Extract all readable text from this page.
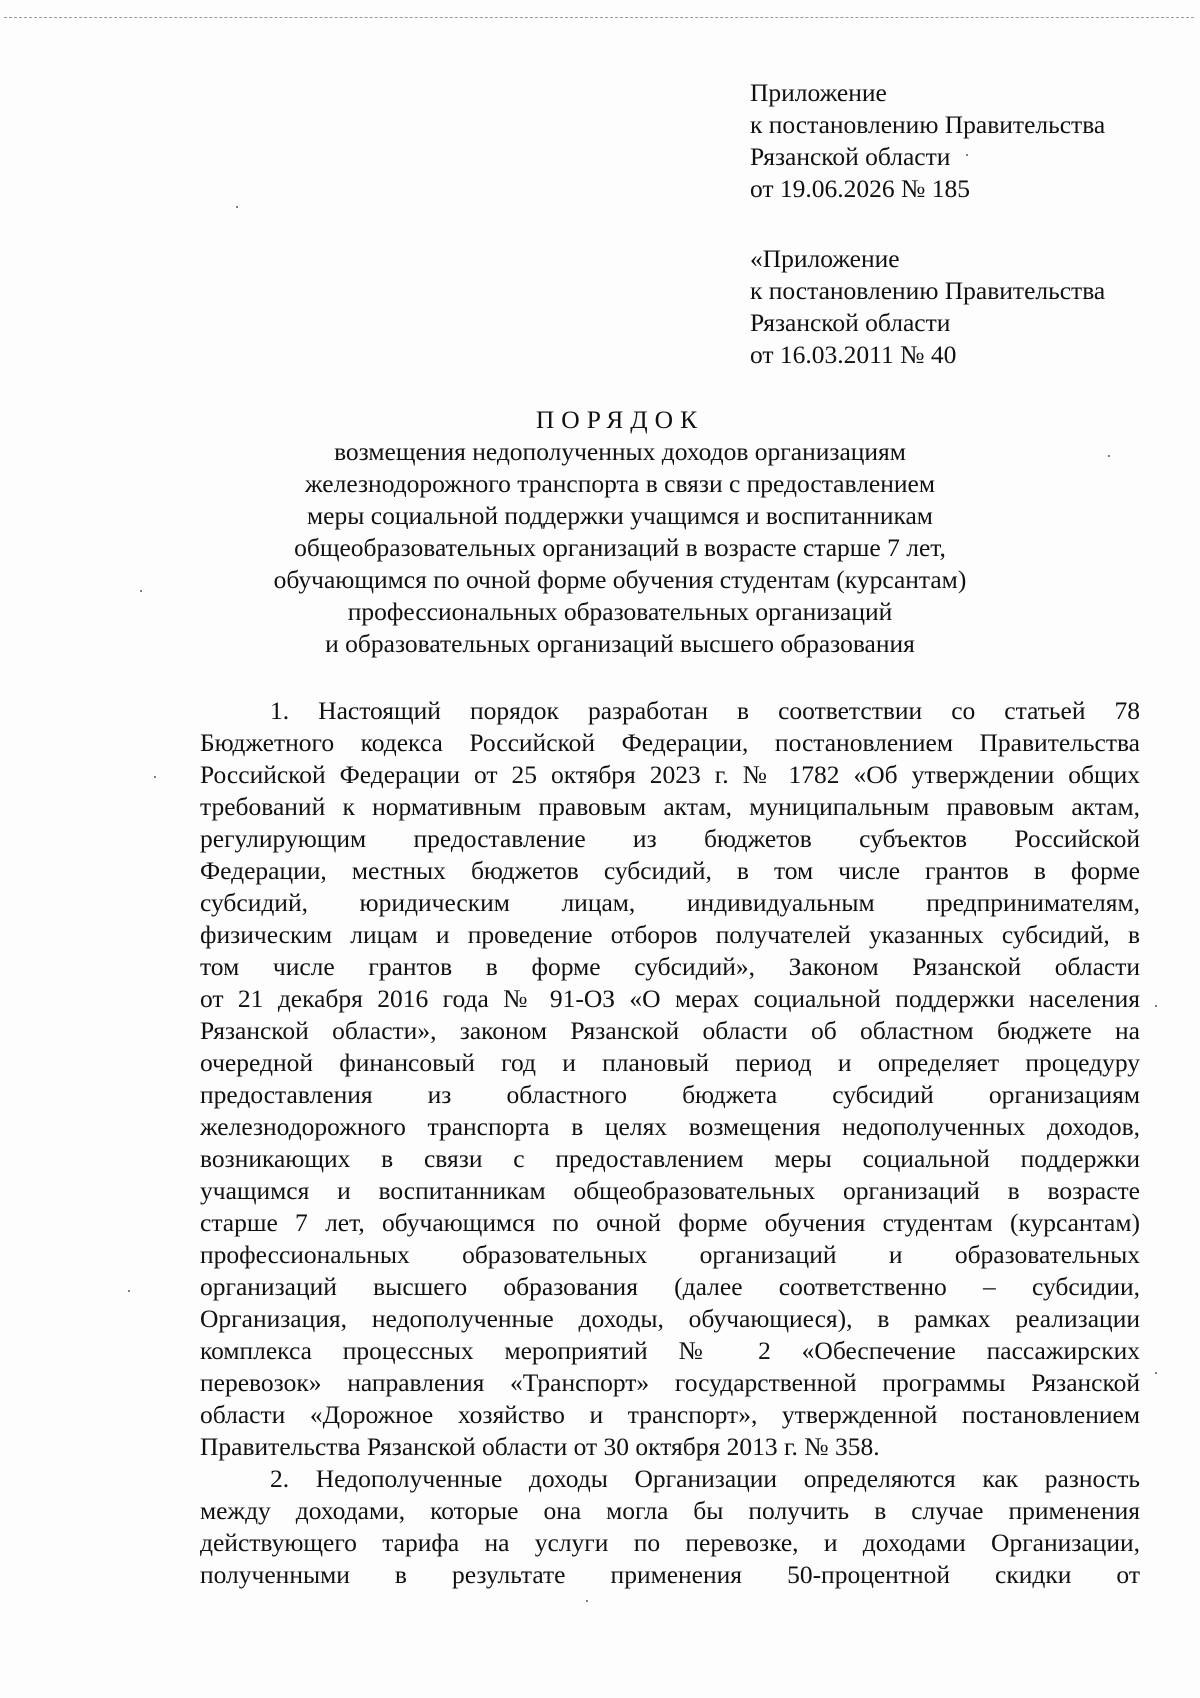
Приложение
к постановлению Правительства
Рязанской области
от 19.06.2026 № 185
«Приложение
к постановлению Правительства
Рязанской области
от 16.03.2011 № 40
ПОРЯДОК
возмещения недополученных доходов организациям
железнодорожного транспорта в связи с предоставлением
меры социальной поддержки учащимся и воспитанникам
общеобразовательных организаций в возрасте старше 7 лет,
обучающимся по очной форме обучения студентам (курсантам)
профессиональных образовательных организаций
и образовательных организаций высшего образования
1. Настоящий порядок разработан в соответствии со статьей 78
Бюджетного кодекса Российской Федерации, постановлением Правительства
Российской Федерации от 25 октября 2023 г. № 1782 «Об утверждении общих
требований к нормативным правовым актам, муниципальным правовым актам,
регулирующим предоставление из бюджетов субъектов Российской
Федерации, местных бюджетов субсидий, в том числе грантов в форме
субсидий, юридическим лицам, индивидуальным предпринимателям,
физическим лицам и проведение отборов получателей указанных субсидий, в
том числе грантов в форме субсидий», Законом Рязанской области
от 21 декабря 2016 года № 91-ОЗ «О мерах социальной поддержки населения
Рязанской области», законом Рязанской области об областном бюджете на
очередной финансовый год и плановый период и определяет процедуру
предоставления из областного бюджета субсидий организациям
железнодорожного транспорта в целях возмещения недополученных доходов,
возникающих в связи с предоставлением меры социальной поддержки
учащимся и воспитанникам общеобразовательных организаций в возрасте
старше 7 лет, обучающимся по очной форме обучения студентам (курсантам)
профессиональных образовательных организаций и образовательных
организаций высшего образования (далее соответственно – субсидии,
Организация, недополученные доходы, обучающиеся), в рамках реализации
комплекса процессных мероприятий № 2 «Обеспечение пассажирских
перевозок» направления «Транспорт» государственной программы Рязанской
области «Дорожное хозяйство и транспорт», утвержденной постановлением
Правительства Рязанской области от 30 октября 2013 г. № 358.
2. Недополученные доходы Организации определяются как разность
между доходами, которые она могла бы получить в случае применения
действующего тарифа на услуги по перевозке, и доходами Организации,
полученными в результате применения 50-процентной скидки от
